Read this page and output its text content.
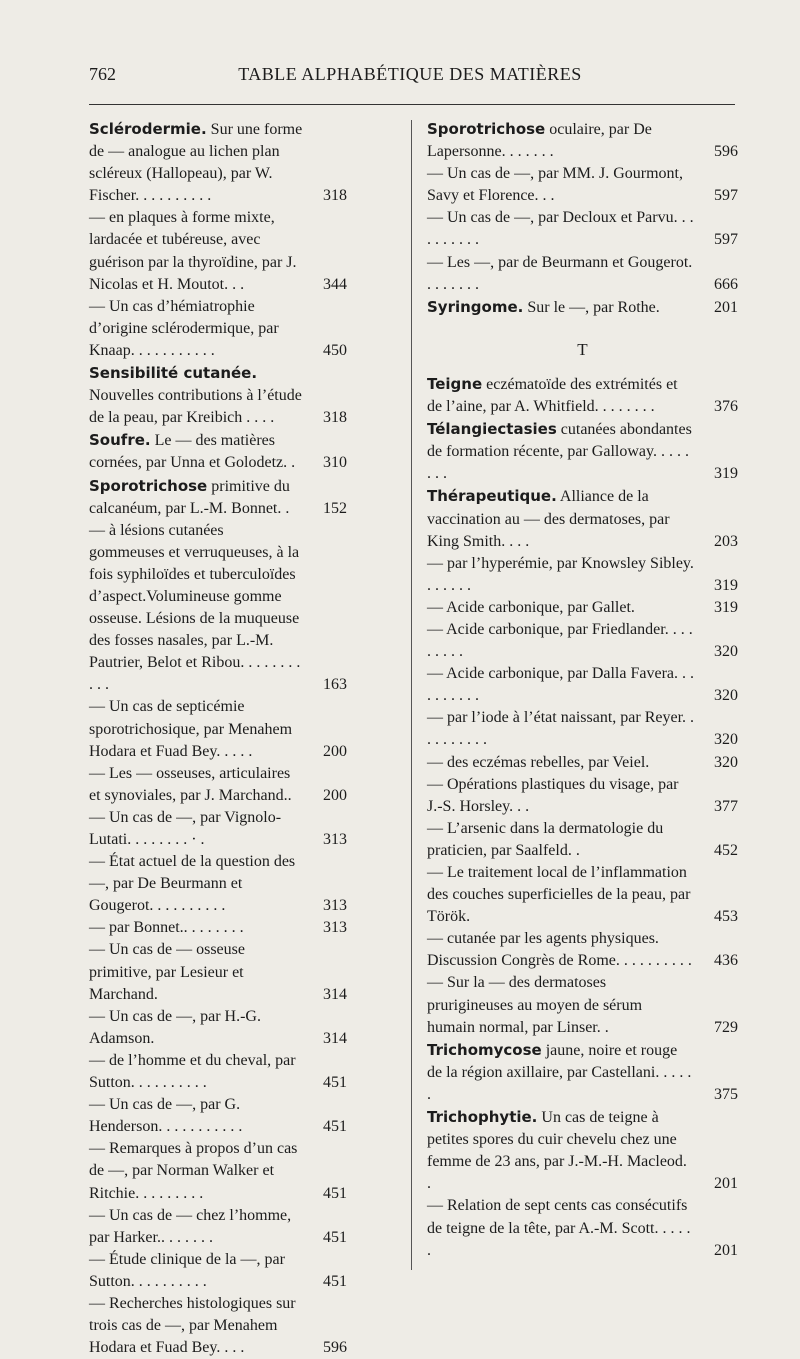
762	TABLE ALPHABÉTIQUE DES MATIÈRES
Sclérodermie. Sur une forme de — analogue au lichen plan scléreux (Hallopeau), par W. Fischer. . . . . . . . . .	318
— en plaques à forme mixte, lardacée et tubéreuse, avec guérison par la thyroïdine, par J. Nicolas et H. Moutot. . .	344
— Un cas d’hémiatrophie d’origine sclérodermique, par Knaap. . . . . . . . . . .	450
Sensibilité cutanée. Nouvelles contributions à l’étude de la peau, par Kreibich . . . .	318
Soufre. Le — des matières cornées, par Unna et Golodetz. .	310
Sporotrichose primitive du calcanéum, par L.-M. Bonnet. .	152
— à lésions cutanées gommeuses et verruqueuses, à la fois syphiloïdes et tuberculoïdes d’aspect.Volumineuse gomme osseuse. Lésions de la muqueuse des fosses nasales, par L.-M. Pautrier, Belot et Ribou. . . . . . . . . . .	163
— Un cas de septicémie sporotrichosique, par Menahem Hodara et Fuad Bey. . . . .	200
— Les — osseuses, articulaires et synoviales, par J. Marchand..	200
— Un cas de —, par Vignolo-Lutati. . . . . . . . · .	313
— État actuel de la question des —, par De Beurmann et Gougerot. . . . . . . . . .	313
— par Bonnet.. . . . . . . .	313
— Un cas de — osseuse primitive, par Lesieur et Marchand.	314
— Un cas de —, par H.-G. Adamson.	314
— de l’homme et du cheval, par Sutton. . . . . . . . . .	451
— Un cas de —, par G. Henderson. . . . . . . . . . .	451
— Remarques à propos d’un cas de —, par Norman Walker et Ritchie. . . . . . . . .	451
— Un cas de — chez l’homme, par Harker.. . . . . . .	451
— Étude clinique de la —, par Sutton. . . . . . . . . .	451
— Recherches histologiques sur trois cas de —, par Menahem Hodara et Fuad Bey. . . .	596
Sporotrichose oculaire, par De Lapersonne. . . . . . .	596
— Un cas de —, par MM. J. Gourmont, Savy et Florence. . .	597
— Un cas de —, par Decloux et Parvu. . . . . . . . . .	597
— Les —, par de Beurmann et Gougerot. . . . . . . .	666
Syringome. Sur le —, par Rothe.	201
T
Teigne eczématoïde des extrémités et de l’aine, par A. Whitfield. . . . . . . .	376
Télangiectasies cutanées abondantes de formation récente, par Galloway. . . . . . . .	319
Thérapeutique. Alliance de la vaccination au — des dermatoses, par King Smith. . . .	203
— par l’hyperémie, par Knowsley Sibley. . . . . . .	319
— Acide carbonique, par Gallet.	319
— Acide carbonique, par Friedlander. . . . . . . . .	320
— Acide carbonique, par Dalla Favera. . . . . . . . . .	320
— par l’iode à l’état naissant, par Reyer. . . . . . . . . .	320
— des eczémas rebelles, par Veiel.	320
— Opérations plastiques du visage, par J.-S. Horsley. . .	377
— L’arsenic dans la dermatologie du praticien, par Saalfeld. .	452
— Le traitement local de l’inflammation des couches superficielles de la peau, par Török.	453
— cutanée par les agents physiques. Discussion Congrès de Rome. . . . . . . . . .	436
— Sur la — des dermatoses prurigineuses au moyen de sérum humain normal, par Linser. .	729
Trichomycose jaune, noire et rouge de la région axillaire, par Castellani. . . . . .	375
Trichophytie. Un cas de teigne à petites spores du cuir chevelu chez une femme de 23 ans, par J.-M.-H. Macleod. .	201
— Relation de sept cents cas consécutifs de teigne de la tête, par A.-M. Scott. . . . . .	201
